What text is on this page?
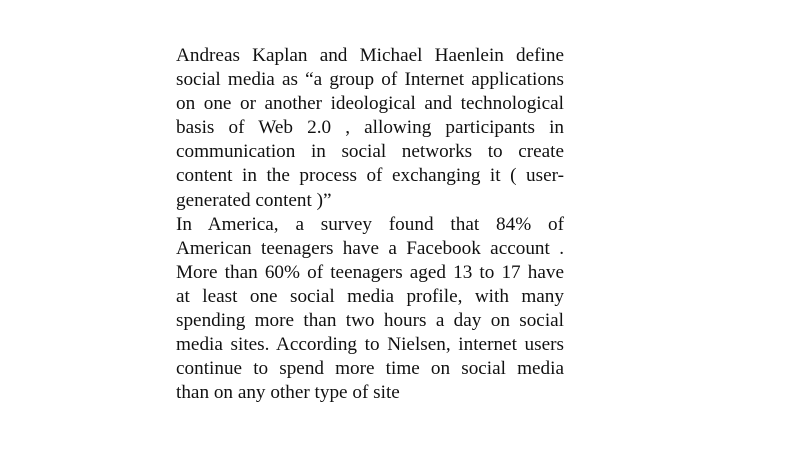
Andreas Kaplan and Michael Haenlein define
social media as “a group of Internet applications
on one or another ideological and technological
basis of Web 2.0 , allowing participants in
communication in social networks to create
content in the process of exchanging it ( user-
generated content )”
In America, a survey found that 84% of
American teenagers have a Facebook account .
More than 60% of teenagers aged 13 to 17 have
at least one social media profile, with many
spending more than two hours a day on social
media sites. According to Nielsen, internet users
continue to spend more time on social media
than on any other type of site
